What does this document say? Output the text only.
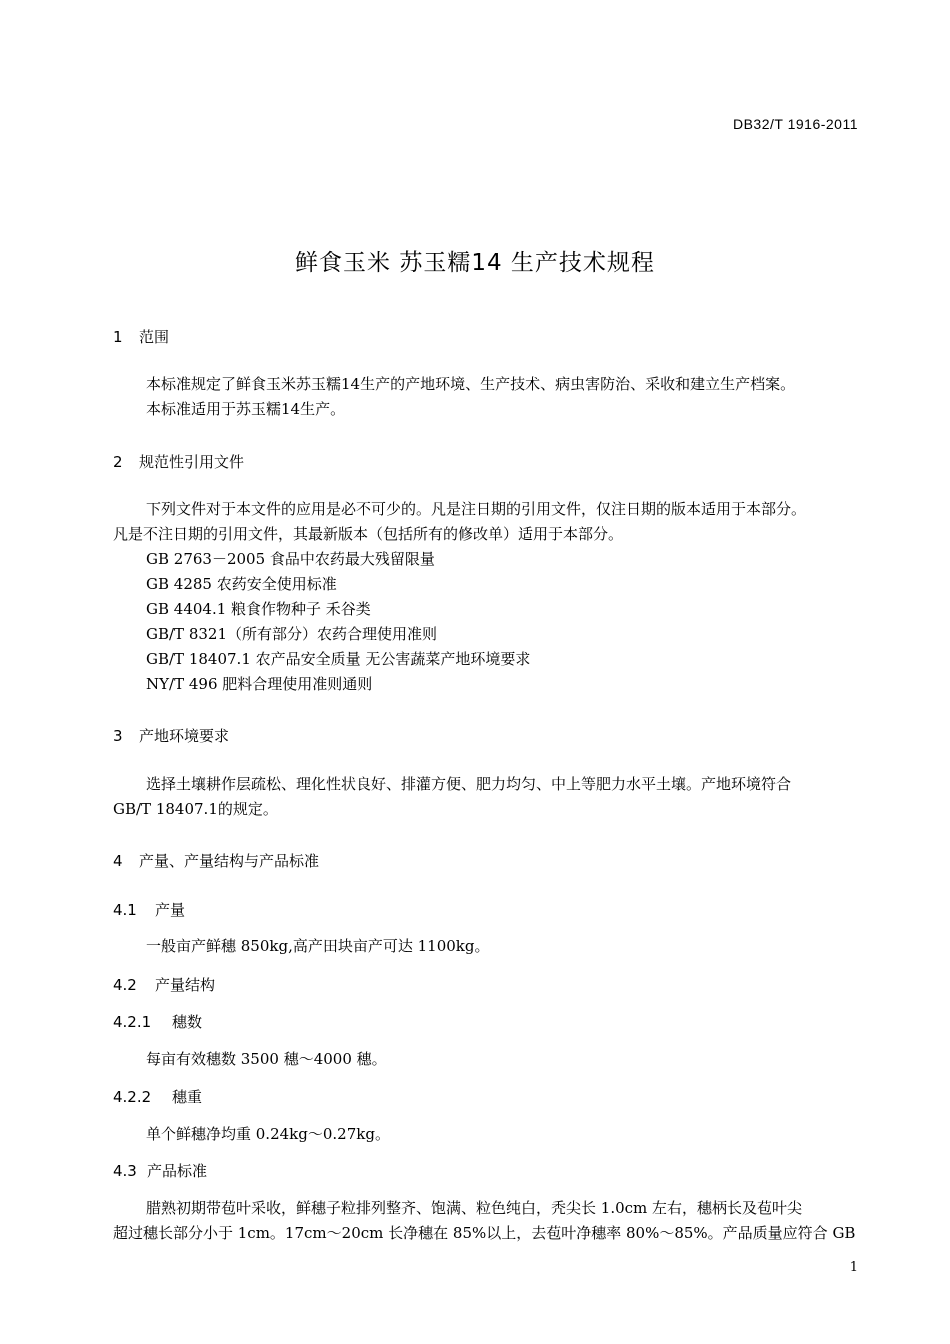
DB32/T 1916-2011
鲜食玉米 苏玉糯14 生产技术规程
1 范围
本标准规定了鲜食玉米苏玉糯14生产的产地环境、生产技术、病虫害防治、采收和建立生产档案。
本标准适用于苏玉糯14生产。
2 规范性引用文件
下列文件对于本文件的应用是必不可少的。凡是注日期的引用文件，仅注日期的版本适用于本部分。
凡是不注日期的引用文件，其最新版本（包括所有的修改单）适用于本部分。
GB 2763－2005 食品中农药最大残留限量
GB 4285 农药安全使用标准
GB 4404.1 粮食作物种子 禾谷类
GB/T 8321（所有部分）农药合理使用准则
GB/T 18407.1 农产品安全质量 无公害蔬菜产地环境要求
NY/T 496 肥料合理使用准则通则
3 产地环境要求
选择土壤耕作层疏松、理化性状良好、排灌方便、肥力均匀、中上等肥力水平土壤。产地环境符合
GB/T 18407.1的规定。
4 产量、产量结构与产品标准
4.1 产量
一般亩产鲜穗 850kg,高产田块亩产可达 1100kg。
4.2 产量结构
4.2.1 穗数
每亩有效穗数 3500 穗～4000 穗。
4.2.2 穗重
单个鲜穗净均重 0.24kg～0.27kg。
4.3 产品标准
腊熟初期带苞叶采收，鲜穗子粒排列整齐、饱满、粒色纯白，秃尖长 1.0cm 左右，穗柄长及苞叶尖
超过穗长部分小于 1cm。17cm～20cm 长净穗在 85%以上，去苞叶净穗率 80%～85%。产品质量应符合 GB
1
